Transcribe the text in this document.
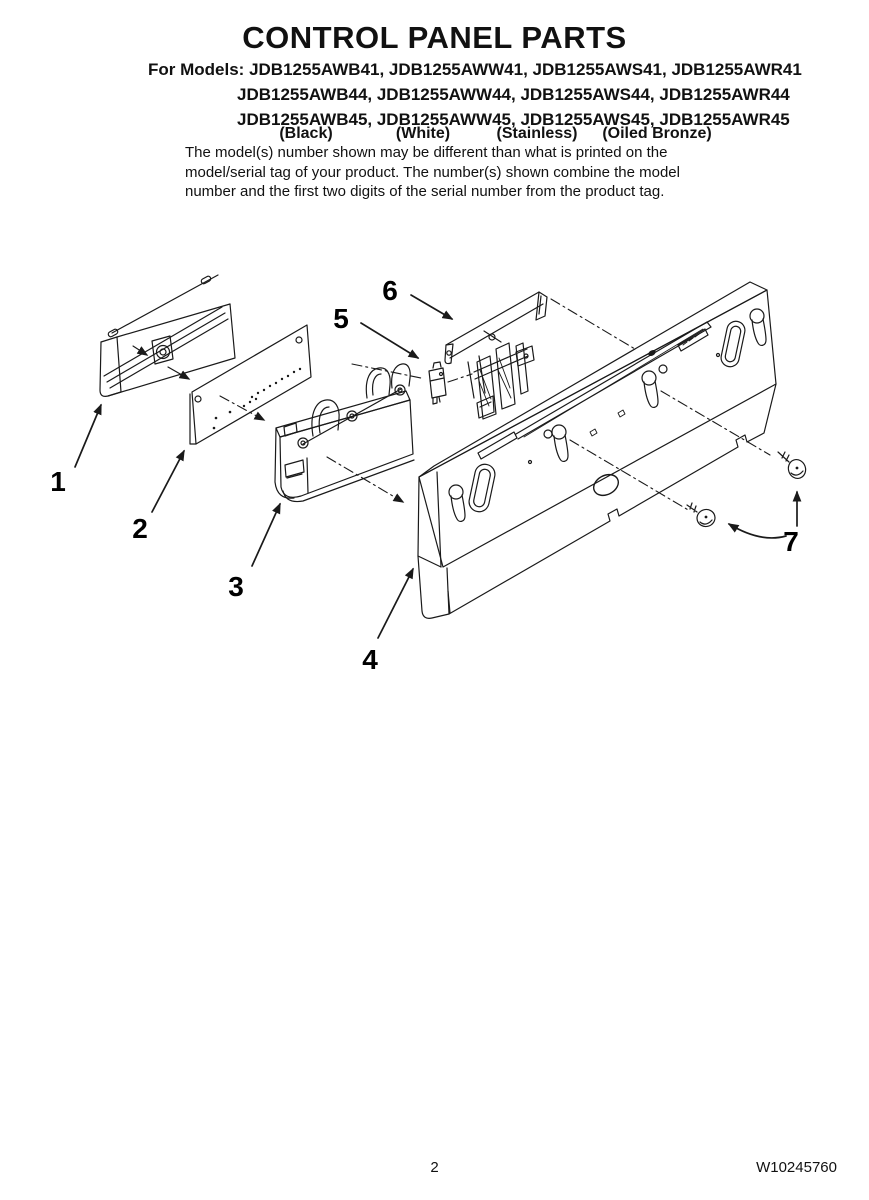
CONTROL PANEL PARTS
For Models: JDB1255AWB41, JDB1255AWW41, JDB1255AWS41, JDB1255AWR41
JDB1255AWB44, JDB1255AWW44, JDB1255AWS44, JDB1255AWR44
JDB1255AWB45, JDB1255AWW45, JDB1255AWS45, JDB1255AWR45
(Black)	(White)	(Stainless) (Oiled Bronze)
The model(s) number shown may be different than what is printed on the
model/serial tag of your product. The number(s) shown combine the model
number and the first two digits of the serial number from the product tag.
1
2
3
4
5
6
7
2	W10245760
